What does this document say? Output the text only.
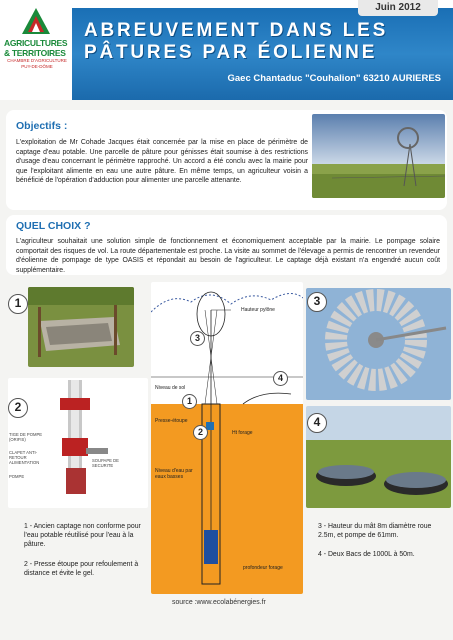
AGRICULTURES
& TERRITOIRES
CHAMBRE D'AGRICULTURE PUY-DE-DÔME
Juin 2012
ABREUVEMENT DANS LES
PÂTURES PAR ÉOLIENNE
Gaec Chantaduc "Couhalion" 63210 AURIERES
Objectifs :
L'exploitation de Mr Cohade Jacques était concernée par la mise en place de périmètre de captage d'eau potable. Une parcelle de pâture pour génisses était soumise à des restrictions d'usage d'eau concernant le périmètre rapproché. Un accord a été conclu avec la mairie pour que l'exploitant alimente en eau une autre pâture. En même temps, un agriculteur voisin a bénéficié de l'opération d'adduction pour alimenter une parcelle attenante.
QUEL CHOIX ?
L'agriculteur souhaitait une solution simple de fonctionnement et économiquement acceptable par la mairie. Le pompage solaire comportait des risques de vol. La route départementale est proche. La visite au sommet de l'élevage a permis de rencontrer un revendeur d'éolienne de pompage de type OASIS et répondait au besoin de l'agriculteur. Le captage déjà existant n'a engendré aucun coût supplémentaire.
TIGE DE POMPE (ORIFIS)
CLAPET ANTI-RETOUR ALIMENTATION	SOUPAPE DE SECURITE
POMPE
Hauteur pylône
Niveau de sol
Presse-étoupe
Ht forage
Niveau d'eau par eaux basses
profondeur forage
1
2
3
4
3
1
2
4
1 - Ancien captage non conforme pour l'eau potable réutilisé pour l'eau à la pâture.
2 - Presse étoupe pour refoulement à distance et évite le gel.
3 - Hauteur du mât 8m diamètre roue 2.5m, et pompe de 61mm.
4 - Deux Bacs de 1000L à 50m.
source :www.ecolabénergies.fr
